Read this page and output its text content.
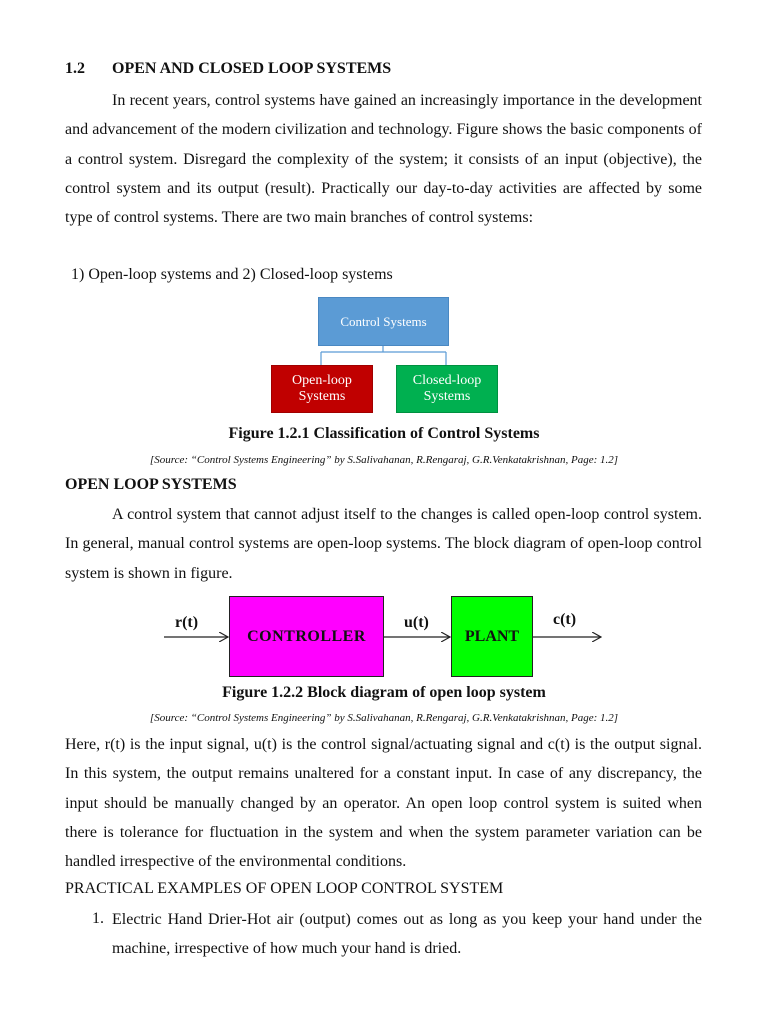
1.2 OPEN AND CLOSED LOOP SYSTEMS

In recent years, control systems have gained an increasingly importance in the development and advancement of the modern civilization and technology. Figure shows the basic components of a control system. Disregard the complexity of the system; it consists of an input (objective), the control system and its output (result). Practically our day-to-day activities are affected by some type of control systems. There are two main branches of control systems:

1) Open-loop systems and 2) Closed-loop systems
Control Systems
Open-loop
Systems
Closed-loop
Systems
Figure 1.2.1 Classification of Control Systems
[Source: “Control Systems Engineering” by S.Salivahanan, R.Rengaraj, G.R.Venkatakrishnan, Page: 1.2]
OPEN LOOP SYSTEMS

A control system that cannot adjust itself to the changes is called open-loop control system. In general, manual control systems are open-loop systems. The block diagram of open-loop control system is shown in figure.

r(t)
CONTROLLER
u(t)
PLANT
c(t)
Figure 1.2.2 Block diagram of open loop system
[Source: “Control Systems Engineering” by S.Salivahanan, R.Rengaraj, G.R.Venkatakrishnan, Page: 1.2]

Here, r(t) is the input signal, u(t) is the control signal/actuating signal and c(t) is the output signal. In this system, the output remains unaltered for a constant input. In case of any discrepancy, the input should be manually changed by an operator. An open loop control system is suited when there is tolerance for fluctuation in the system and when the system parameter variation can be handled irrespective of the environmental conditions.

PRACTICAL EXAMPLES OF OPEN LOOP CONTROL SYSTEM
1. Electric Hand Drier-Hot air (output) comes out as long as you keep your hand under the machine, irrespective of how much your hand is dried.
